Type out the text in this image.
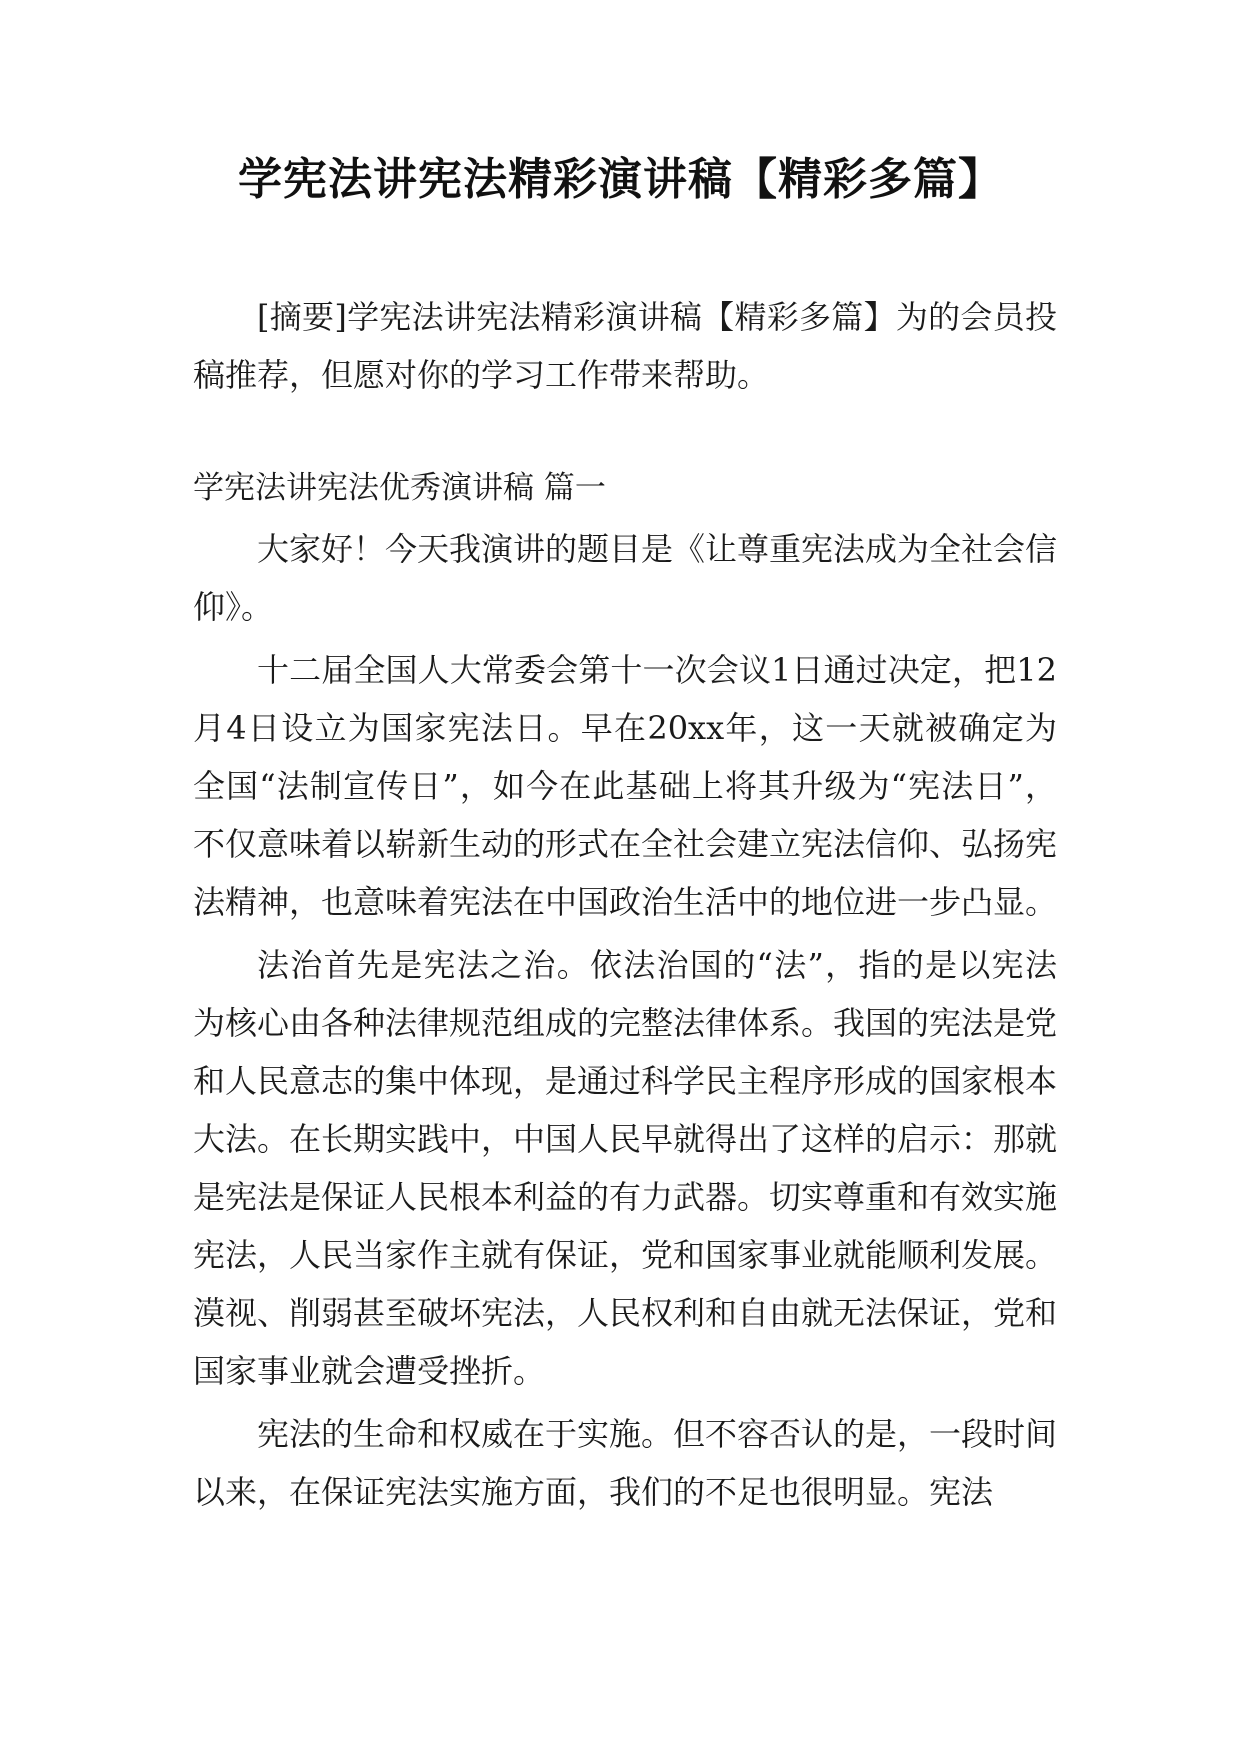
学宪法讲宪法精彩演讲稿【精彩多篇】

[摘要]学宪法讲宪法精彩演讲稿【精彩多篇】为的会员投稿推荐，但愿对你的学习工作带来帮助。

学宪法讲宪法优秀演讲稿 篇一

大家好！今天我演讲的题目是《让尊重宪法成为全社会信仰》。

十二届全国人大常委会第十一次会议1日通过决定，把12月4日设立为国家宪法日。早在20xx年，这一天就被确定为全国“法制宣传日”，如今在此基础上将其升级为“宪法日”，不仅意味着以崭新生动的形式在全社会建立宪法信仰、弘扬宪法精神，也意味着宪法在中国政治生活中的地位进一步凸显。

法治首先是宪法之治。依法治国的“法”，指的是以宪法为核心由各种法律规范组成的完整法律体系。我国的宪法是党和人民意志的集中体现，是通过科学民主程序形成的国家根本大法。在长期实践中，中国人民早就得出了这样的启示：那就是宪法是保证人民根本利益的有力武器。切实尊重和有效实施宪法，人民当家作主就有保证，党和国家事业就能顺利发展。漠视、削弱甚至破坏宪法，人民权利和自由就无法保证，党和国家事业就会遭受挫折。

宪法的生命和权威在于实施。但不容否认的是，一段时间以来，在保证宪法实施方面，我们的不足也很明显。宪法
